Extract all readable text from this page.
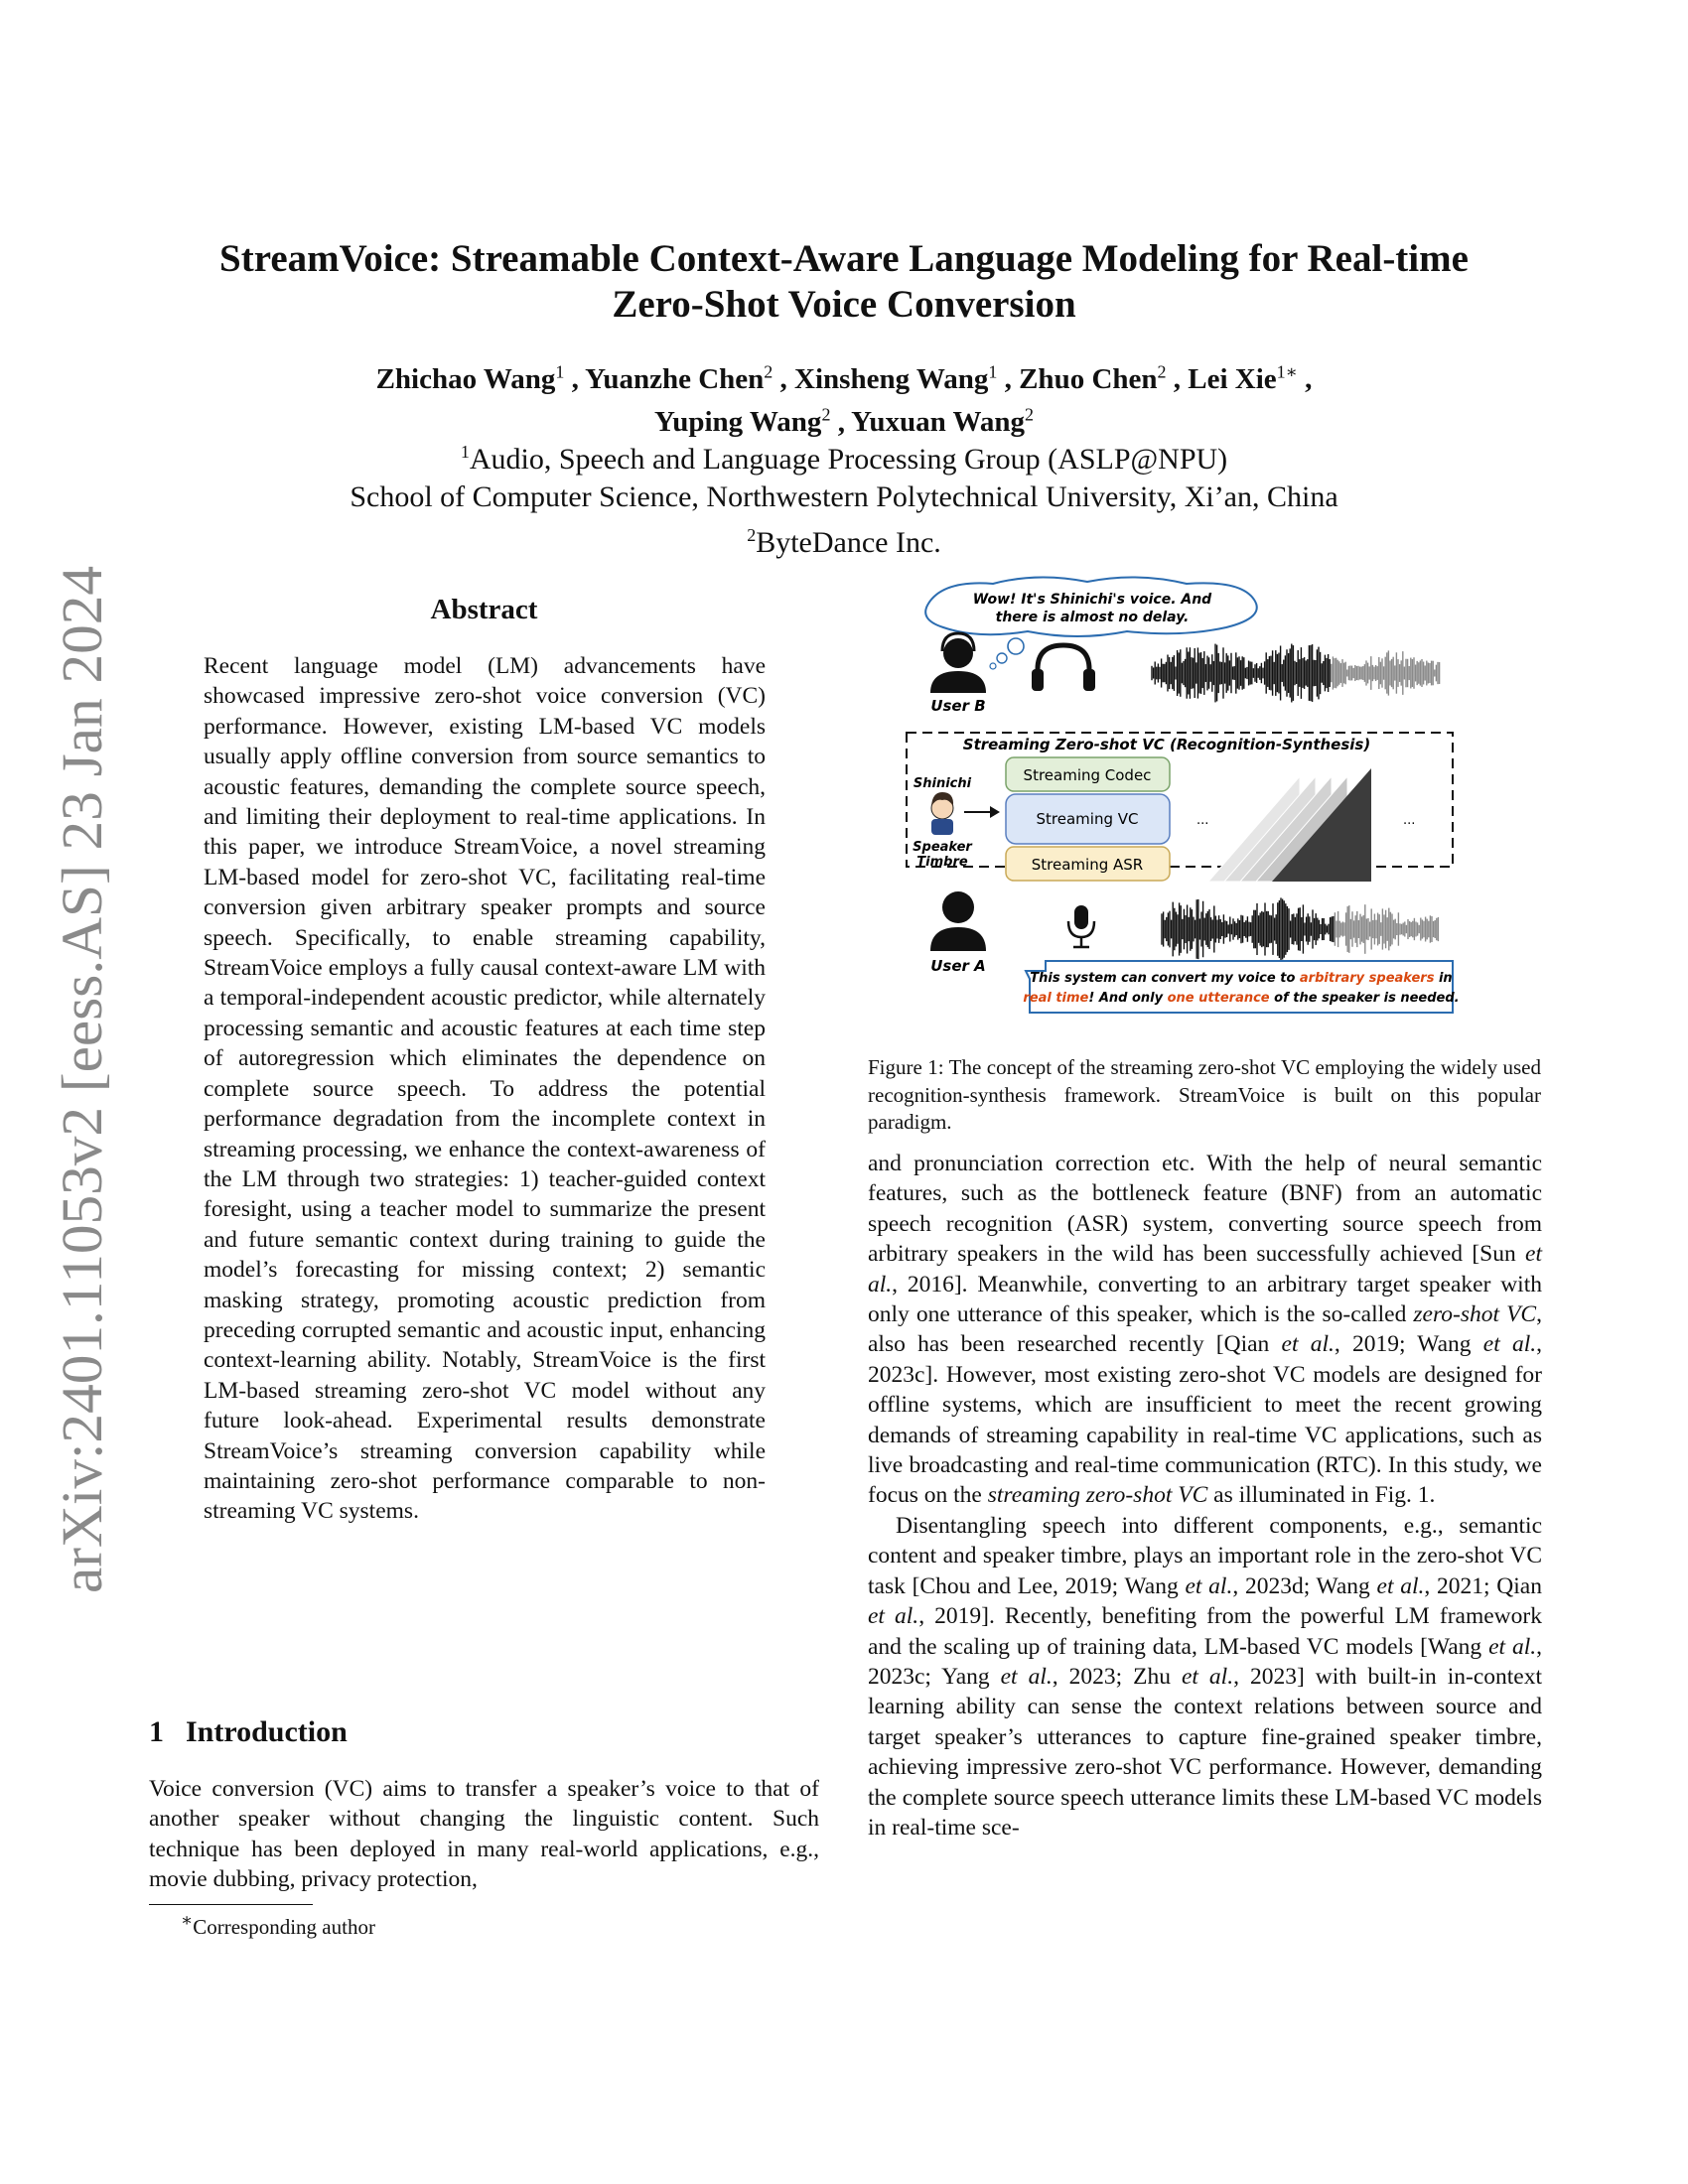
arXiv:2401.11053v2 [eess.AS] 23 Jan 2024
StreamVoice: Streamable Context-Aware Language Modeling for Real-time
Zero-Shot Voice Conversion
Zhichao Wang$^1$ , Yuanzhe Chen$^2$ , Xinsheng Wang$^1$ , Zhuo Chen$^2$ , Lei Xie$^{1∗}$ ,
Yuping Wang$^2$ , Yuxuan Wang$^2$
$^1$Audio, Speech and Language Processing Group (ASLP@NPU)
School of Computer Science, Northwestern Polytechnical University, Xi’an, China
$^2$ByteDance Inc.
Abstract
Recent language model (LM) advancements have showcased impressive zero-shot voice conversion (VC) performance. However, existing LM-based VC models usually apply offline conversion from source semantics to acoustic features, demanding the complete source speech, and limiting their deployment to real-time applications. In this paper, we introduce StreamVoice, a novel streaming LM-based model for zero-shot VC, facilitating real-time conversion given arbitrary speaker prompts and source speech. Specifically, to enable streaming capability, StreamVoice employs a fully causal context-aware LM with a temporal-independent acoustic predictor, while alternately processing semantic and acoustic features at each time step of autoregression which eliminates the dependence on complete source speech. To address the potential performance degradation from the incomplete context in streaming processing, we enhance the context-awareness of the LM through two strategies: 1) teacher-guided context foresight, using a teacher model to summarize the present and future semantic context during training to guide the model’s forecasting for missing context; 2) semantic masking strategy, promoting acoustic prediction from preceding corrupted semantic and acoustic input, enhancing context-learning ability. Notably, StreamVoice is the first LM-based streaming zero-shot VC model without any future look-ahead. Experimental results demonstrate StreamVoice’s streaming conversion capability while maintaining zero-shot performance comparable to non-streaming VC systems.
1 Introduction
Voice conversion (VC) aims to transfer a speaker’s voice to that of another speaker without changing the linguistic content. Such technique has been deployed in many real-world applications, e.g., movie dubbing, privacy protection,
∗Corresponding author
Wow! It's Shinichi's voice. And
there is almost no delay.
User B
Streaming Zero-shot VC (Recognition-Synthesis)
Shinichi
Speaker
Timbre
Streaming Codec
Streaming VC
Streaming ASR
...	...
User A
This system can convert my voice to arbitrary speakers in
real time! And only one utterance of the speaker is needed.
Figure 1: The concept of the streaming zero-shot VC employing the widely used recognition-synthesis framework. StreamVoice is built on this popular paradigm.

and pronunciation correction etc. With the help of neural semantic features, such as the bottleneck feature (BNF) from an automatic speech recognition (ASR) system, converting source speech from arbitrary speakers in the wild has been successfully achieved [Sun et al., 2016]. Meanwhile, converting to an arbitrary target speaker with only one utterance of this speaker, which is the so-called zero-shot VC, also has been researched recently [Qian et al., 2019; Wang et al., 2023c]. However, most existing zero-shot VC models are designed for offline systems, which are insufficient to meet the recent growing demands of streaming capability in real-time VC applications, such as live broadcasting and real-time communication (RTC). In this study, we focus on the streaming zero-shot VC as illuminated in Fig. 1.

Disentangling speech into different components, e.g., semantic content and speaker timbre, plays an important role in the zero-shot VC task [Chou and Lee, 2019; Wang et al., 2023d; Wang et al., 2021; Qian et al., 2019]. Recently, benefiting from the powerful LM framework and the scaling up of training data, LM-based VC models [Wang et al., 2023c; Yang et al., 2023; Zhu et al., 2023] with built-in in-context learning ability can sense the context relations between source and target speaker’s utterances to capture fine-grained speaker timbre, achieving impressive zero-shot VC performance. However, demanding the complete source speech utterance limits these LM-based VC models in real-time sce-
